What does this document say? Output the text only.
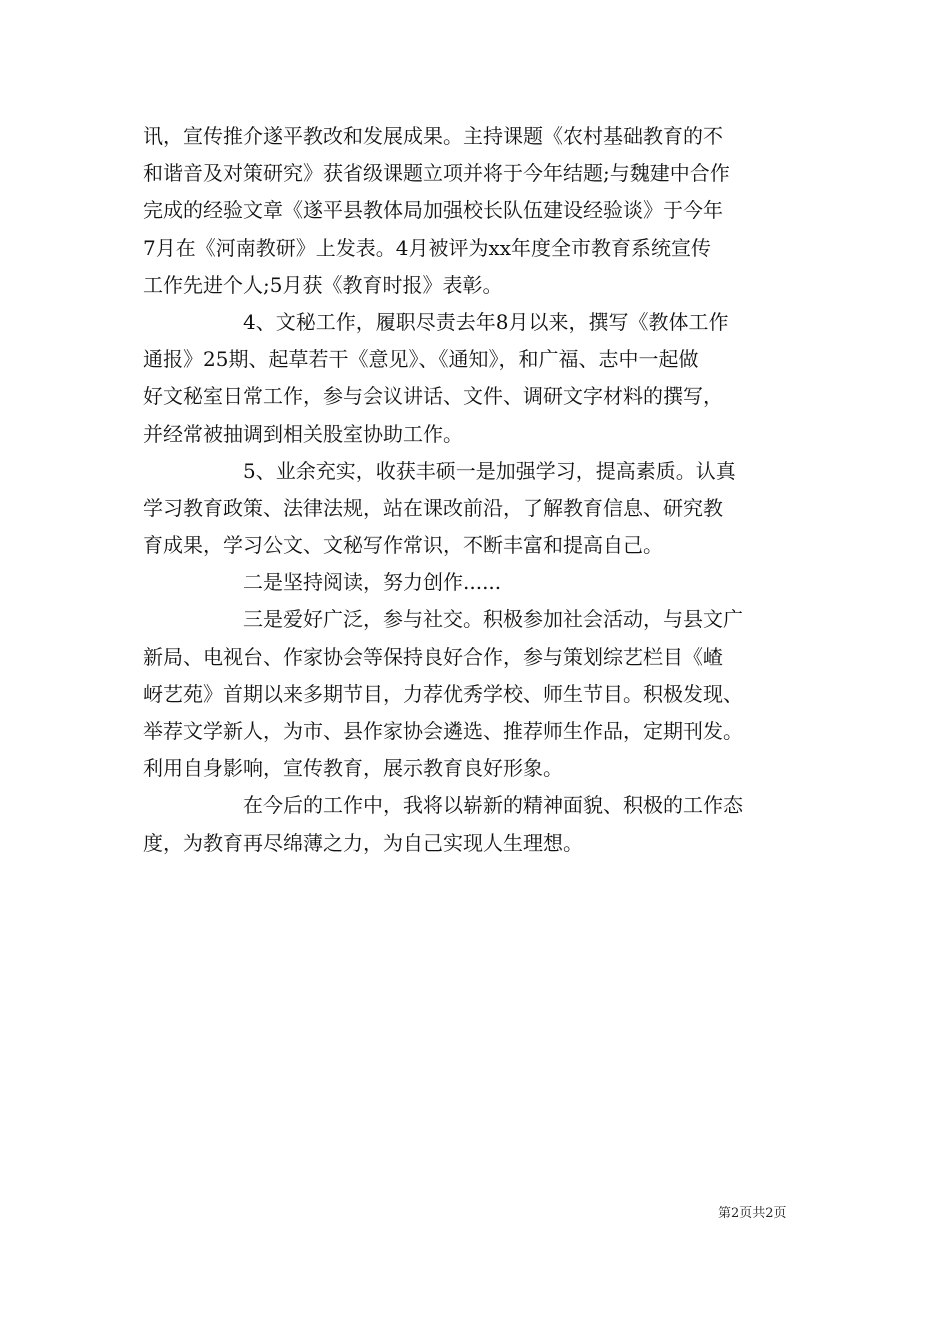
讯，宣传推介遂平教改和发展成果。主持课题《农村基础教育的不
和谐音及对策研究》获省级课题立项并将于今年结题;与魏建中合作
完成的经验文章《遂平县教体局加强校长队伍建设经验谈》于今年
7月在《河南教研》上发表。4月被评为xx年度全市教育系统宣传
工作先进个人;5月获《教育时报》表彰。
4、文秘工作，履职尽责去年8月以来，撰写《教体工作
通报》25期、起草若干《意见》、《通知》，和广福、志中一起做
好文秘室日常工作，参与会议讲话、文件、调研文字材料的撰写，
并经常被抽调到相关股室协助工作。
5、业余充实，收获丰硕一是加强学习，提高素质。认真
学习教育政策、法律法规，站在课改前沿，了解教育信息、研究教
育成果，学习公文、文秘写作常识，不断丰富和提高自己。
二是坚持阅读，努力创作......
三是爱好广泛，参与社交。积极参加社会活动，与县文广
新局、电视台、作家协会等保持良好合作，参与策划综艺栏目《嵖
岈艺苑》首期以来多期节目，力荐优秀学校、师生节目。积极发现、
举荐文学新人，为市、县作家协会遴选、推荐师生作品，定期刊发。
利用自身影响，宣传教育，展示教育良好形象。
在今后的工作中，我将以崭新的精神面貌、积极的工作态
度，为教育再尽绵薄之力，为自己实现人生理想。
第2页共2页
